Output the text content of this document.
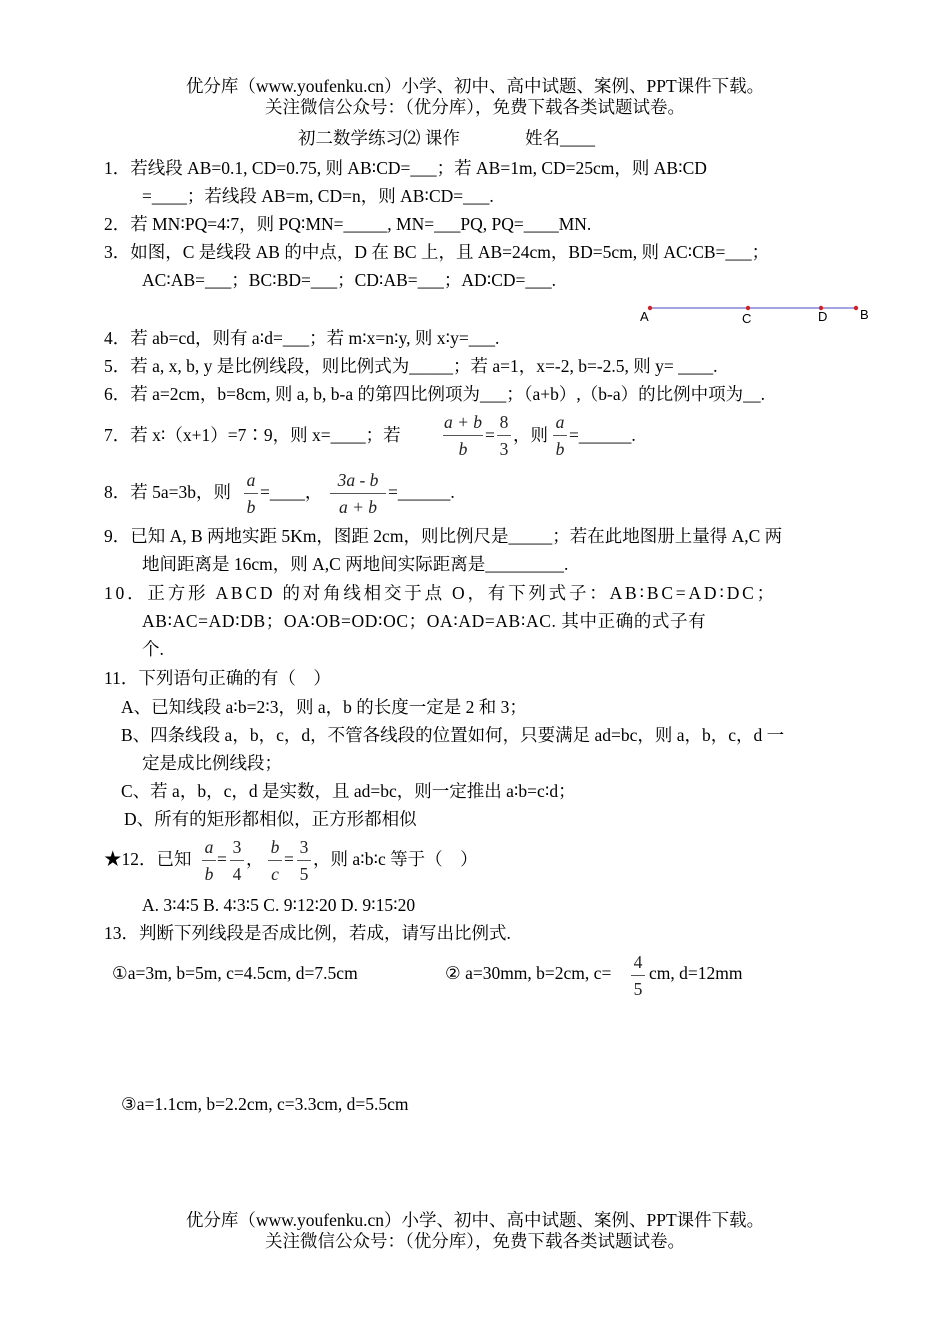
优分库（www.youfenku.cn）小学、初中、高中试题、案例、PPT课件下载。
关注微信公众号：（优分库），免费下载各类试题试卷。
初二数学练习⑵ 课作	姓名____
1．若线段 AB=0.1, CD=0.75, 则 AB∶CD=___；若 AB=1m, CD=25cm，则 AB∶CD
=____；若线段 AB=m, CD=n，则 AB∶CD=___.
2．若 MN∶PQ=4∶7，则 PQ∶MN=_____, MN=___PQ, PQ=____MN.
3．如图，C 是线段 AB 的中点，D 在 BC 上，且 AB=24cm，BD=5cm, 则 AC∶CB=___；
AC∶AB=___；BC∶BD=___；CD∶AB=___；AD∶CD=___.
A	C	D	B
4．若 ab=cd，则有 a∶d=___；若 m∶x=n∶y, 则 x∶y=___.
5．若 a, x, b, y 是比例线段，则比例式为_____；若 a=1，x=-2, b=-2.5, 则 y= ____.
6．若 a=2cm，b=8cm, 则 a, b, b-a 的第四比例项为___；（a+b）,（b-a）的比例中项为__.
7．若 x∶（x+1）=7∶9，则 x=____；若
a + b
b
=
8
3
，则
a
b
=______.
8．若 5a=3b，则
a
b
=____，
3a - b
a + b
=______.
9．已知 A, B 两地实距 5Km，图距 2cm，则比例尺是_____；若在此地图册上量得 A,C 两
地间距离是 16cm，则 A,C 两地间实际距离是_________.
10．正方形 ABCD 的对角线相交于点 O，有下列式子：AB∶BC=AD∶DC；
AB∶AC=AD∶DB；OA∶OB=OD∶OC；OA∶AD=AB∶AC. 其中正确的式子有
个.
11．下列语句正确的有（　）
A、已知线段 a∶b=2∶3，则 a，b 的长度一定是 2 和 3；
B、四条线段 a，b，c，d，不管各线段的位置如何，只要满足 ad=bc，则 a，b，c，d 一
定是成比例线段；
C、若 a，b，c，d 是实数，且 ad=bc，则一定推出 a∶b=c∶d；
D、所有的矩形都相似，正方形都相似
★12．已知
a
b
=
3
4
，
b
c
=
3
5
，则 a∶b∶c 等于（　）
A. 3∶4∶5 B. 4∶3∶5 C. 9∶12∶20 D. 9∶15∶20
13．判断下列线段是否成比例，若成，请写出比例式.
①a=3m, b=5m, c=4.5cm, d=7.5cm	② a=30mm, b=2cm, c=
4
5
cm, d=12mm
③a=1.1cm, b=2.2cm, c=3.3cm, d=5.5cm
优分库（www.youfenku.cn）小学、初中、高中试题、案例、PPT课件下载。
关注微信公众号：（优分库），免费下载各类试题试卷。
